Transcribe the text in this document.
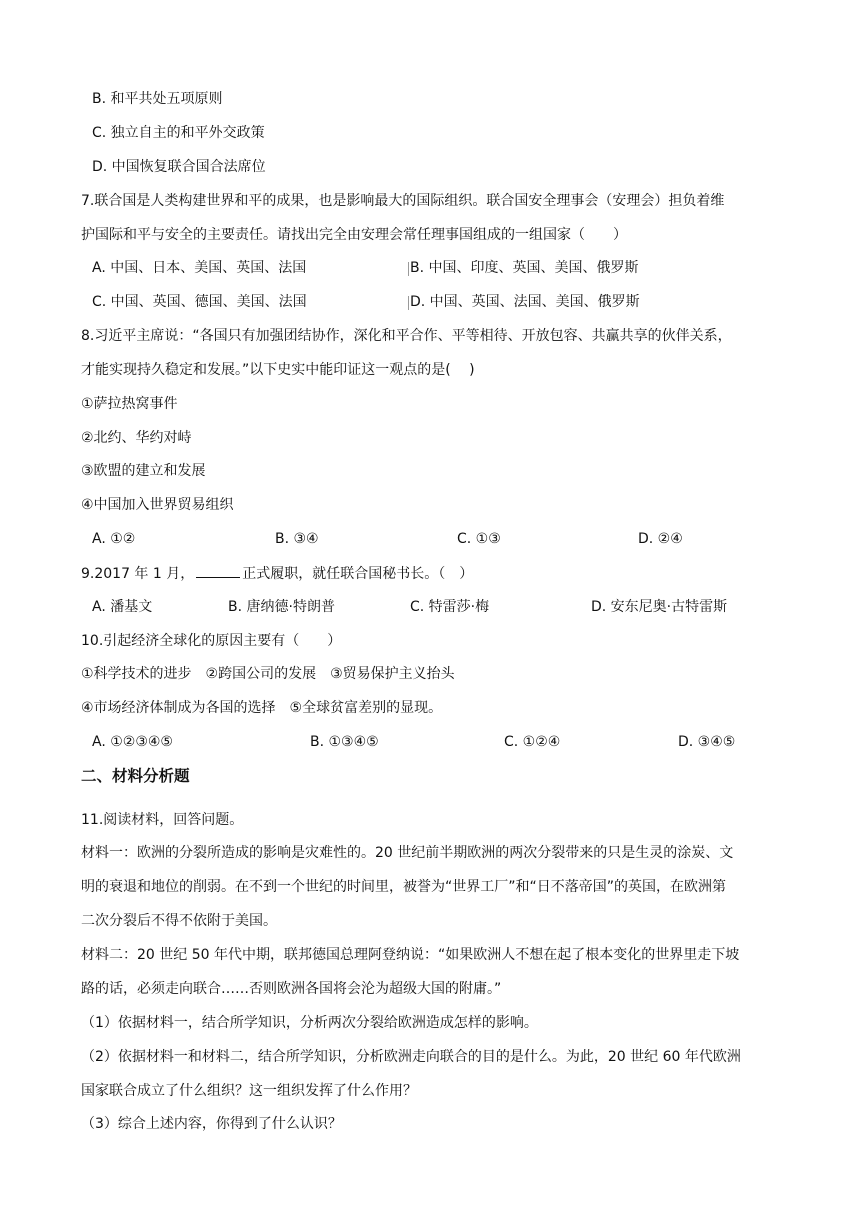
B. 和平共处五项原则
C. 独立自主的和平外交政策
D. 中国恢复联合国合法席位
7.联合国是人类构建世界和平的成果，也是影响最大的国际组织。联合国安全理事会（安理会）担负着维
护国际和平与安全的主要责任。请找出完全由安理会常任理事国组成的一组国家（　　）
A. 中国、日本、美国、英国、法国	B. 中国、印度、英国、美国、俄罗斯
C. 中国、英国、德国、美国、法国	D. 中国、英国、法国、美国、俄罗斯
8.习近平主席说：“各国只有加强团结协作，深化和平合作、平等相待、开放包容、共赢共享的伙伴关系，
才能实现持久稳定和发展。”以下史实中能印证这一观点的是(　 )
①萨拉热窝事件
②北约、华约对峙
③欧盟的建立和发展
④中国加入世界贸易组织
A. ①②	B. ③④	C. ①③	D. ②④
9.2017 年 1 月，	正式履职，就任联合国秘书长。（　）
A. 潘基文	B. 唐纳德·特朗普	C. 特雷莎·梅	D. 安东尼奥·古特雷斯
10.引起经济全球化的原因主要有（　　）
①科学技术的进步　②跨国公司的发展　③贸易保护主义抬头
④市场经济体制成为各国的选择　⑤全球贫富差别的显现。
A. ①②③④⑤	B. ①③④⑤	C. ①②④	D. ③④⑤
二、材料分析题
11.阅读材料，回答问题。
材料一：欧洲的分裂所造成的影响是灾难性的。20 世纪前半期欧洲的两次分裂带来的只是生灵的涂炭、文
明的衰退和地位的削弱。在不到一个世纪的时间里，被誉为“世界工厂”和“日不落帝国”的英国，在欧洲第
二次分裂后不得不依附于美国。
材料二：20 世纪 50 年代中期，联邦德国总理阿登纳说：“如果欧洲人不想在起了根本变化的世界里走下坡
路的话，必须走向联合……否则欧洲各国将会沦为超级大国的附庸。”
（1）依据材料一，结合所学知识，分析两次分裂给欧洲造成怎样的影响。
（2）依据材料一和材料二，结合所学知识，分析欧洲走向联合的目的是什么。为此，20 世纪 60 年代欧洲
国家联合成立了什么组织？这一组织发挥了什么作用？
（3）综合上述内容，你得到了什么认识？
